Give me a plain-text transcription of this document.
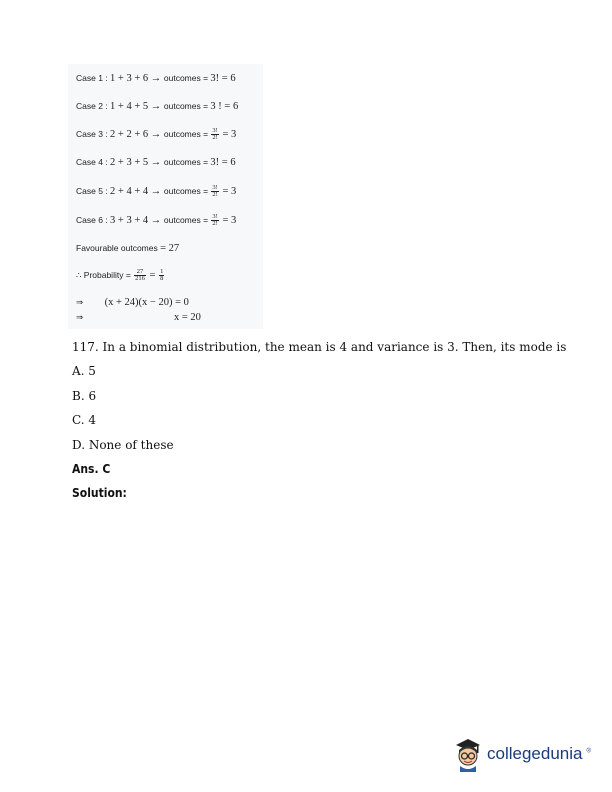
Case 1 : 1 + 3 + 6 → outcomes = 3! = 6
Case 2 : 1 + 4 + 5 → outcomes = 3 ! = 6
Case 3 : 2 + 2 + 6 → outcomes = $\frac{3!}{2!} = 3$
Case 4 : 2 + 3 + 5 → outcomes = 3! = 6
Case 5 : 2 + 4 + 4 → outcomes = $\frac{3!}{2!} = 3$
Case 6 : 3 + 3 + 4 → outcomes = $\frac{3!}{2!} = 3$
Favourable outcomes = 27
∴ Probability = $\frac{27}{216} = \frac{1}{8}$
⇒ (x + 24)(x − 20) = 0
⇒	x = 20
117. In a binomial distribution, the mean is 4 and variance is 3. Then, its mode is
A. 5
B. 6
C. 4
D. None of these
Ans. C
Solution:
collegedunia ®
